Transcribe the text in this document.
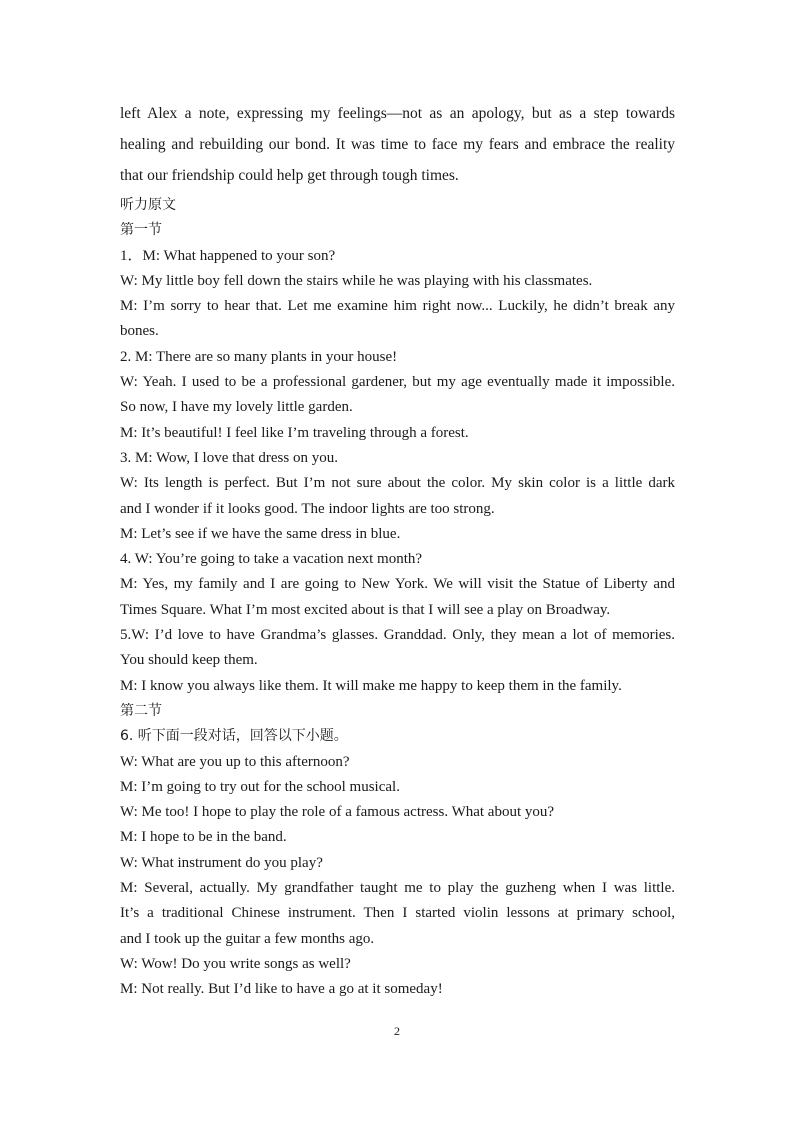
left Alex a note, expressing my feelings—not as an apology, but as a step towards

healing and rebuilding our bond. It was time to face my fears and embrace the reality

that our friendship could help get through tough times.

听力原文

第一节

1．M: What happened to your son?

W: My little boy fell down the stairs while he was playing with his classmates.

M: I’m sorry to hear that. Let me examine him right now... Luckily, he didn’t break any

bones.

2. M: There are so many plants in your house!

W: Yeah. I used to be a professional gardener, but my age eventually made it impossible.

So now, I have my lovely little garden.

M: It’s beautiful! I feel like I’m traveling through a forest.

3. M: Wow, I love that dress on you.

W: Its length is perfect. But I’m not sure about the color. My skin color is a little dark

and I wonder if it looks good. The indoor lights are too strong.

M: Let’s see if we have the same dress in blue.

4. W: You’re going to take a vacation next month?

M: Yes, my family and I are going to New York. We will visit the Statue of Liberty and

Times Square. What I’m most excited about is that I will see a play on Broadway.

5.W: I’d love to have Grandma’s glasses. Granddad. Only, they mean a lot of memories.

You should keep them.

M: I know you always like them. It will make me happy to keep them in the family.

第二节

6. 听下面一段对话，回答以下小题。

W: What are you up to this afternoon?

M: I’m going to try out for the school musical.

W: Me too! I hope to play the role of a famous actress. What about you?

M: I hope to be in the band.

W: What instrument do you play?

M: Several, actually. My grandfather taught me to play the guzheng when I was little.

It’s a traditional Chinese instrument. Then I started violin lessons at primary school,

and I took up the guitar a few months ago.

W: Wow! Do you write songs as well?

M: Not really. But I’d like to have a go at it someday!

2
